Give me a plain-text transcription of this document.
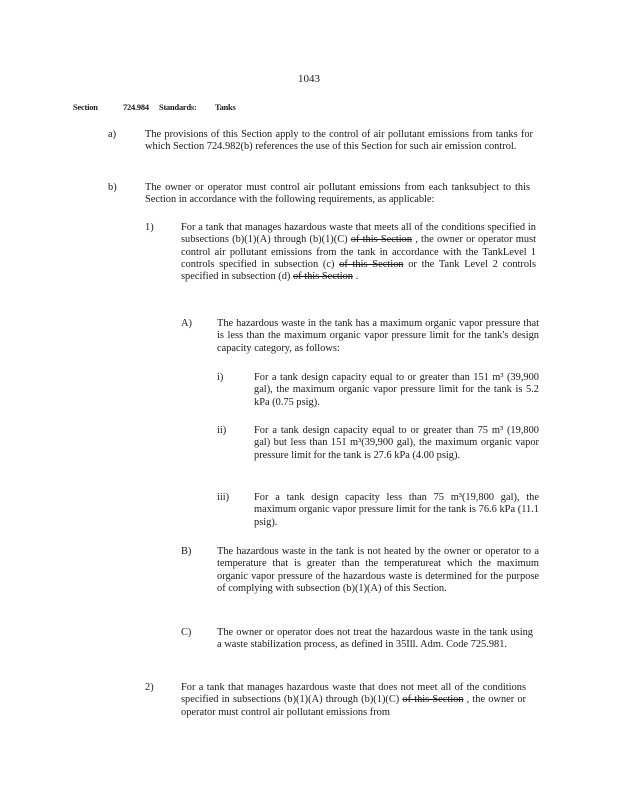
1043
Section	724.984 Standards: Tanks
a)	The provisions of this Section apply to the control of air pollutant emissions from tanks for which Section 724.982(b) references the use of this Section for such air emission control.
b)	The owner or operator must control air pollutant emissions from each tanksubject to this Section in accordance with the following requirements, as applicable:
1)	For a tank that manages hazardous waste that meets all of the conditions specified in subsections (b)(1)(A) through (b)(1)(C) of this Section , the owner or operator must control air pollutant emissions from the tank in accordance with the TankLevel 1 controls specified in subsection (c) of this Section or the Tank Level 2 controls specified in subsection (d) of this Section .
A) The hazardous waste in the tank has a maximum organic vapor pressure that is less than the maximum organic vapor pressure limit for the tank's design capacity category, as follows:
i)	For a tank design capacity equal to or greater than 151 m³ (39,900 gal), the maximum organic vapor pressure limit for the tank is 5.2 kPa (0.75 psig).
ii)	For a tank design capacity equal to or greater than 75 m³ (19,800 gal) but less than 151 m³(39,900 gal), the maximum organic vapor pressure limit for the tank is 27.6 kPa (4.00 psig).
iii) For a tank design capacity less than 75 m³(19,800 gal), the maximum organic vapor pressure limit for the tank is 76.6 kPa (11.1 psig).
B) The hazardous waste in the tank is not heated by the owner or operator to a temperature that is greater than the temperatureat which the maximum organic vapor pressure of the hazardous waste is determined for the purpose of complying with subsection (b)(1)(A) of this Section.
C) The owner or operator does not treat the hazardous waste in the tank using a waste stabilization process, as defined in 35Ill. Adm. Code 725.981.
2)	For a tank that manages hazardous waste that does not meet all of the conditions specified in subsections (b)(1)(A) through (b)(1)(C) of this Section , the owner or operator must control air pollutant emissions from
